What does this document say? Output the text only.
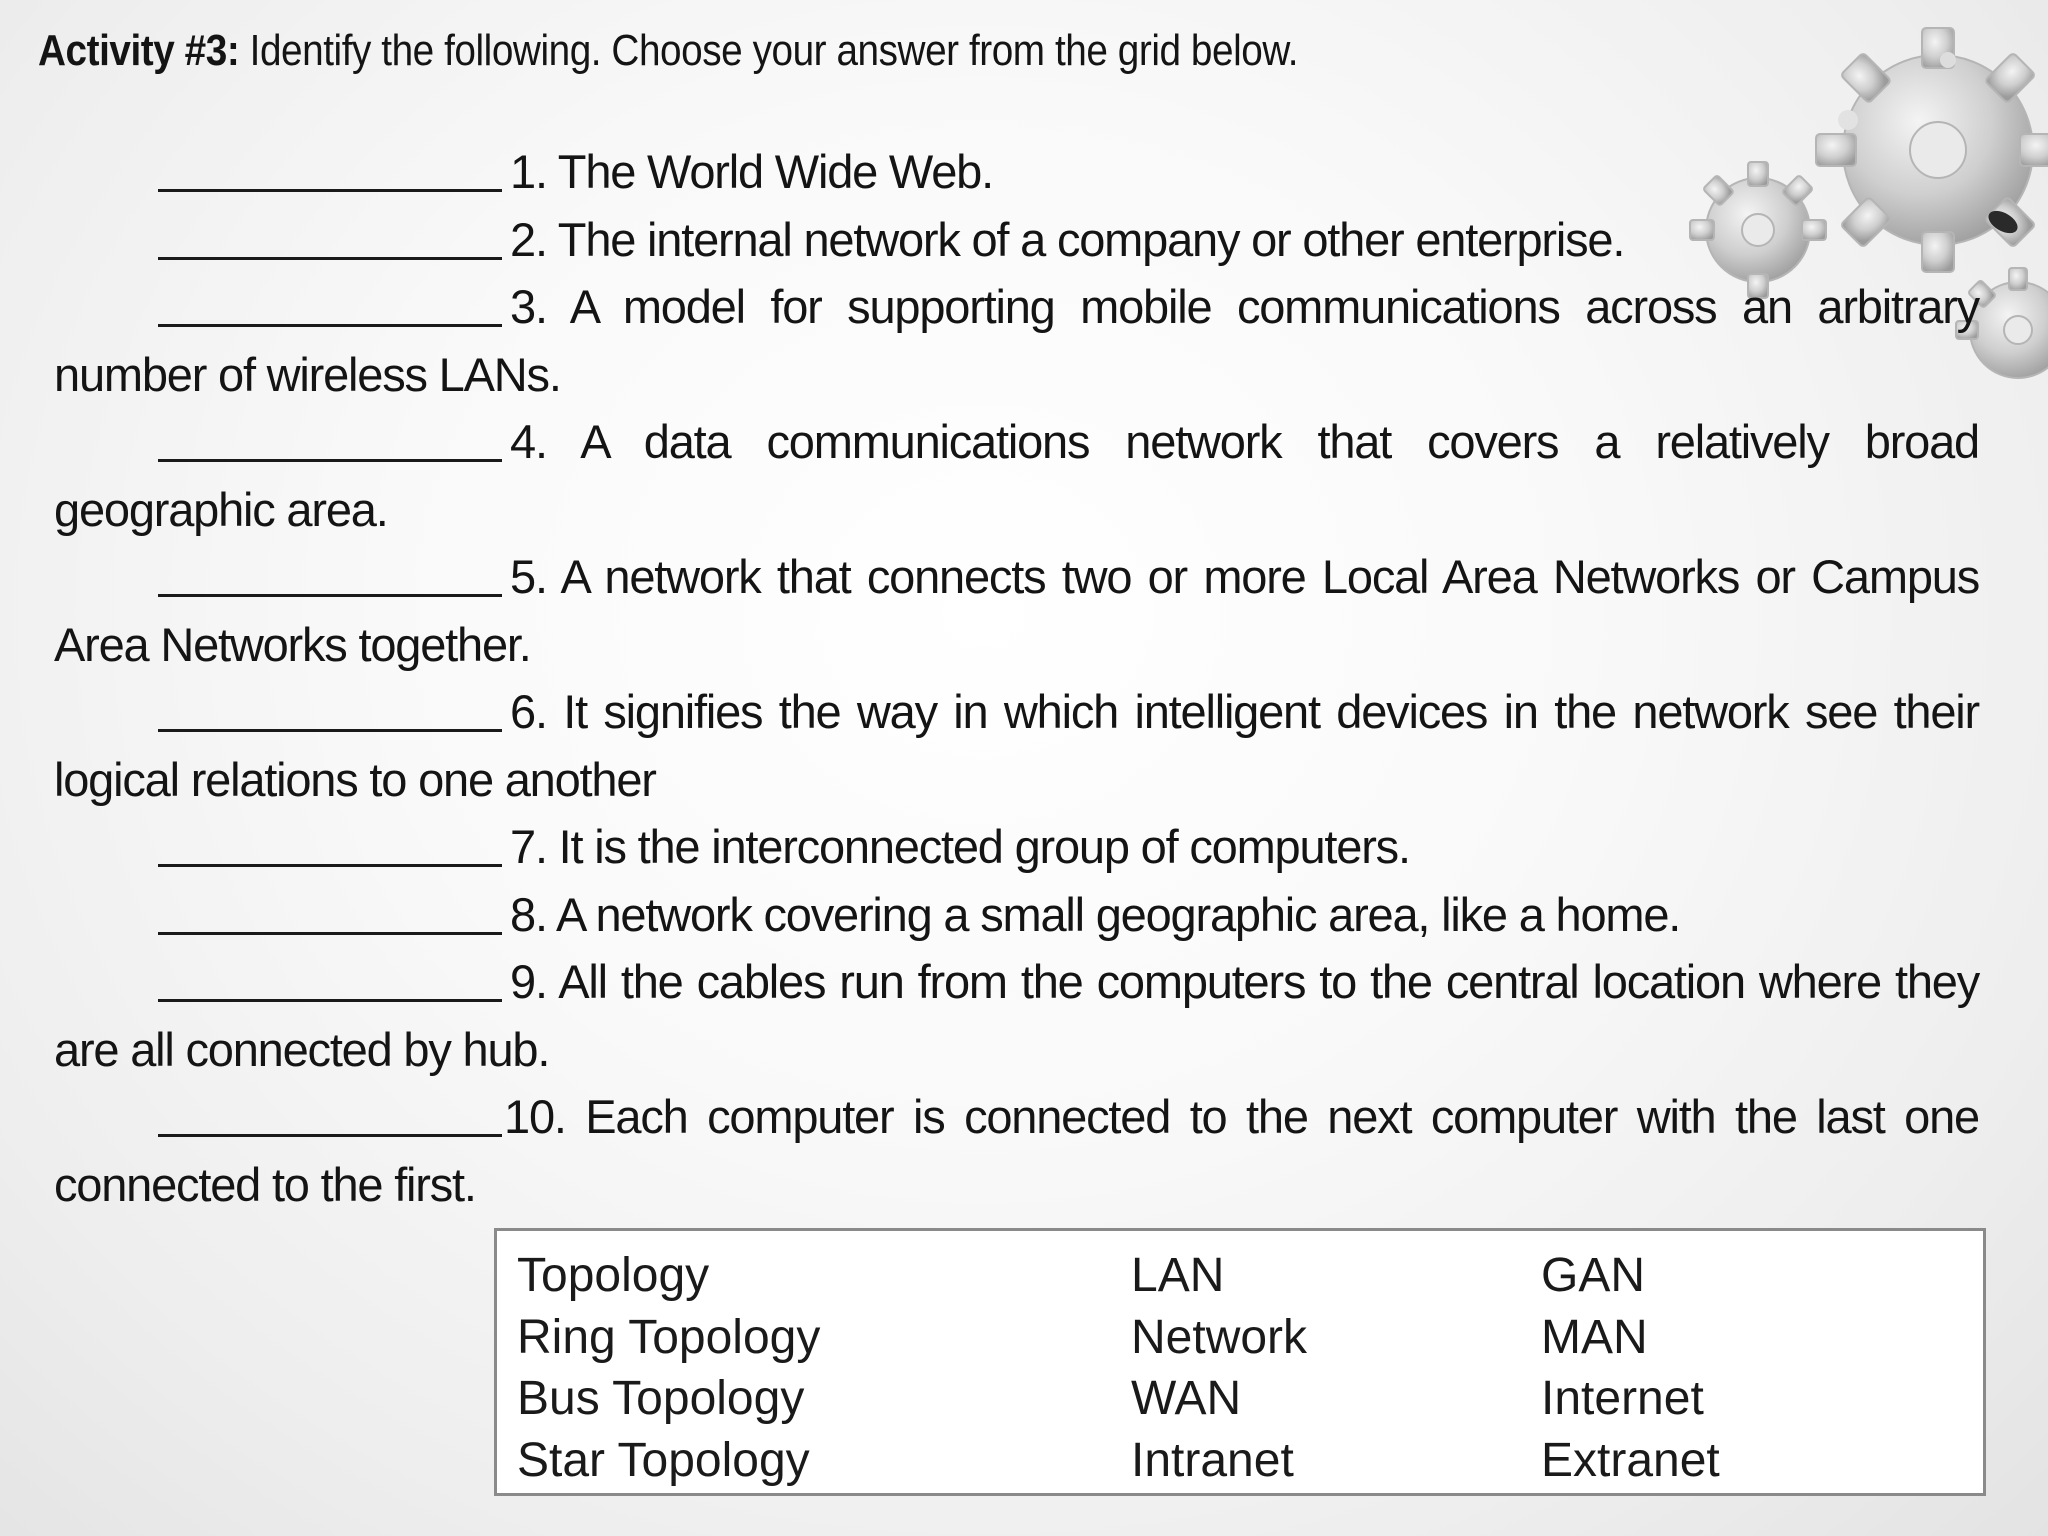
Activity #3: Identify the following. Choose your answer from the grid below.
1. The World Wide Web.
2. The internal network of a company or other enterprise.
3. A model for supporting mobile communications across an arbitrary number of wireless LANs.
4. A data communications network that covers a relatively broad geographic area.
5. A network that connects two or more Local Area Networks or Campus Area Networks together.
6. It signifies the way in which intelligent devices in the network see their logical relations to one another
7. It is the interconnected group of computers.
8. A network covering a small geographic area, like a home.
9. All the cables run from the computers to the central location where they are all connected by hub.
10. Each computer is connected to the next computer with the last one connected to the first.
Topology
Ring Topology
Bus Topology
Star Topology
LAN
Network
WAN
Intranet
GAN
MAN
Internet
Extranet
